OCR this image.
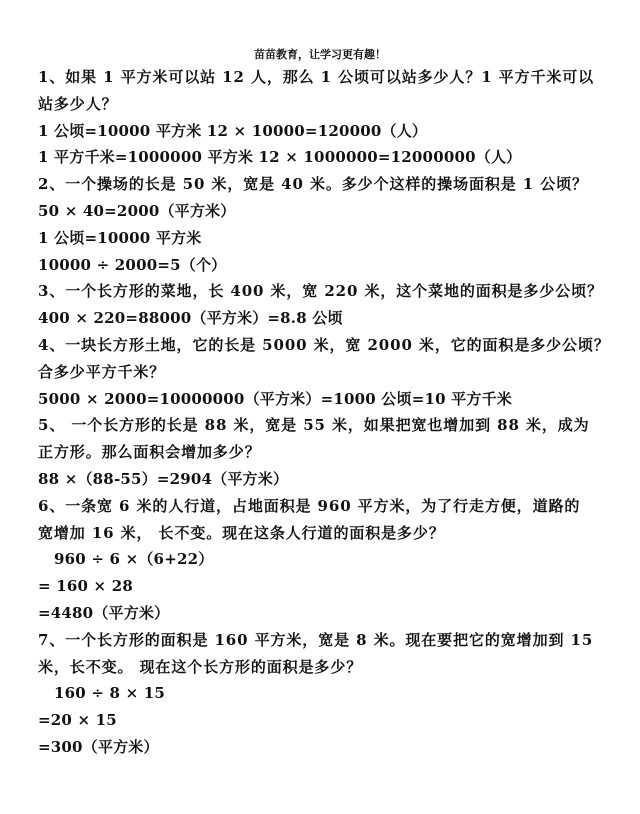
苗苗教育，让学习更有趣！
1、如果 1 平方米可以站 12 人，那么 1 公顷可以站多少人？1 平方千米可以
站多少人？
1 公顷=10000 平方米 12 × 10000=120000（人）
1 平方千米=1000000 平方米 12 × 1000000=12000000（人）
2、一个操场的长是 50 米，宽是 40 米。多少个这样的操场面积是 1 公顷？
50 × 40=2000（平方米）
1 公顷=10000 平方米
10000 ÷ 2000=5（个）
3、一个长方形的菜地，长 400 米，宽 220 米，这个菜地的面积是多少公顷？
400 × 220=88000（平方米）=8.8 公顷
4、一块长方形土地，它的长是 5000 米，宽 2000 米，它的面积是多少公顷？
合多少平方千米？
5000 × 2000=10000000（平方米）=1000 公顷=10 平方千米
5、 一个长方形的长是 88 米，宽是 55 米，如果把宽也增加到 88 米，成为
正方形。那么面积会增加多少？
88 ×（88-55）=2904（平方米）
6、一条宽 6 米的人行道，占地面积是 960 平方米，为了行走方便，道路的
宽增加 16 米， 长不变。现在这条人行道的面积是多少？
960 ÷ 6 ×（6+22）
= 160 × 28
=4480（平方米）
7、一个长方形的面积是 160 平方米，宽是 8 米。现在要把它的宽增加到 15
米，长不变。 现在这个长方形的面积是多少？
160 ÷ 8 × 15
=20 × 15
=300（平方米）
